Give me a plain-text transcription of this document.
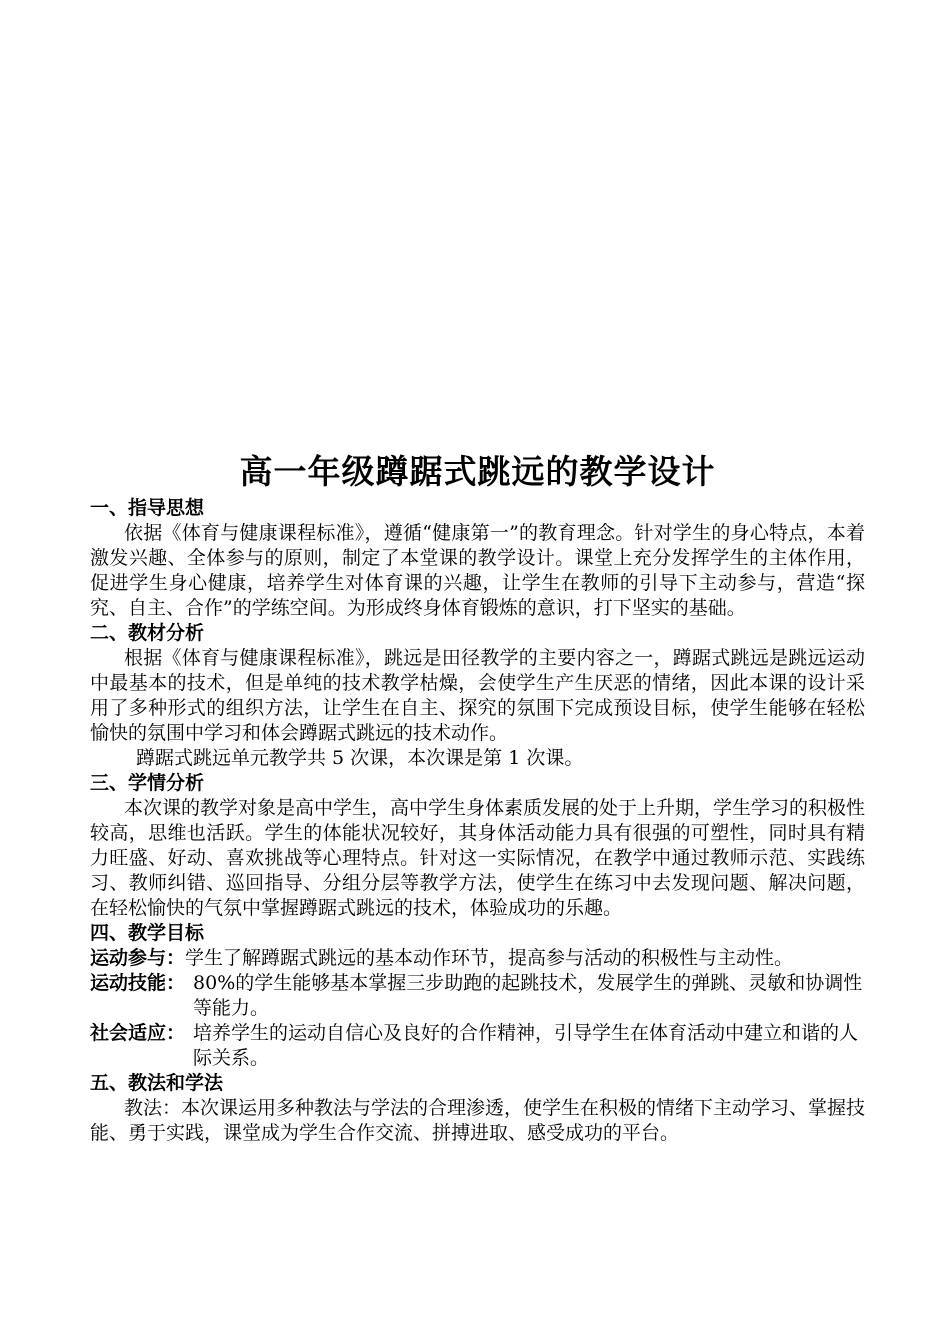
高一年级蹲踞式跳远的教学设计
一、指导思想

依据《体育与健康课程标准》，遵循“健康第一”的教育理念。针对学生的身心特点，本着激发兴趣、全体参与的原则，制定了本堂课的教学设计。课堂上充分发挥学生的主体作用，促进学生身心健康，培养学生对体育课的兴趣，让学生在教师的引导下主动参与，营造“探究、自主、合作”的学练空间。为形成终身体育锻炼的意识，打下坚实的基础。

二、教材分析

根据《体育与健康课程标准》，跳远是田径教学的主要内容之一，蹲踞式跳远是跳远运动中最基本的技术，但是单纯的技术教学枯燥，会使学生产生厌恶的情绪，因此本课的设计采用了多种形式的组织方法，让学生在自主、探究的氛围下完成预设目标，使学生能够在轻松愉快的氛围中学习和体会蹲踞式跳远的技术动作。

蹲踞式跳远单元教学共 5 次课，本次课是第 1 次课。

三、学情分析

本次课的教学对象是高中学生，高中学生身体素质发展的处于上升期，学生学习的积极性较高，思维也活跃。学生的体能状况较好，其身体活动能力具有很强的可塑性，同时具有精力旺盛、好动、喜欢挑战等心理特点。针对这一实际情况，在教学中通过教师示范、实践练习、教师纠错、巡回指导、分组分层等教学方法，使学生在练习中去发现问题、解决问题，在轻松愉快的气氛中掌握蹲踞式跳远的技术，体验成功的乐趣。

四、教学目标
运动参与：学生了解蹲踞式跳远的基本动作环节，提高参与活动的积极性与主动性。
运动技能： 80%的学生能够基本掌握三步助跑的起跳技术，发展学生的弹跳、灵敏和协调性等能力。
社会适应： 培养学生的运动自信心及良好的合作精神，引导学生在体育活动中建立和谐的人际关系。
五、教法和学法

教法：本次课运用多种教法与学法的合理渗透，使学生在积极的情绪下主动学习、掌握技能、勇于实践，课堂成为学生合作交流、拼搏进取、感受成功的平台。
